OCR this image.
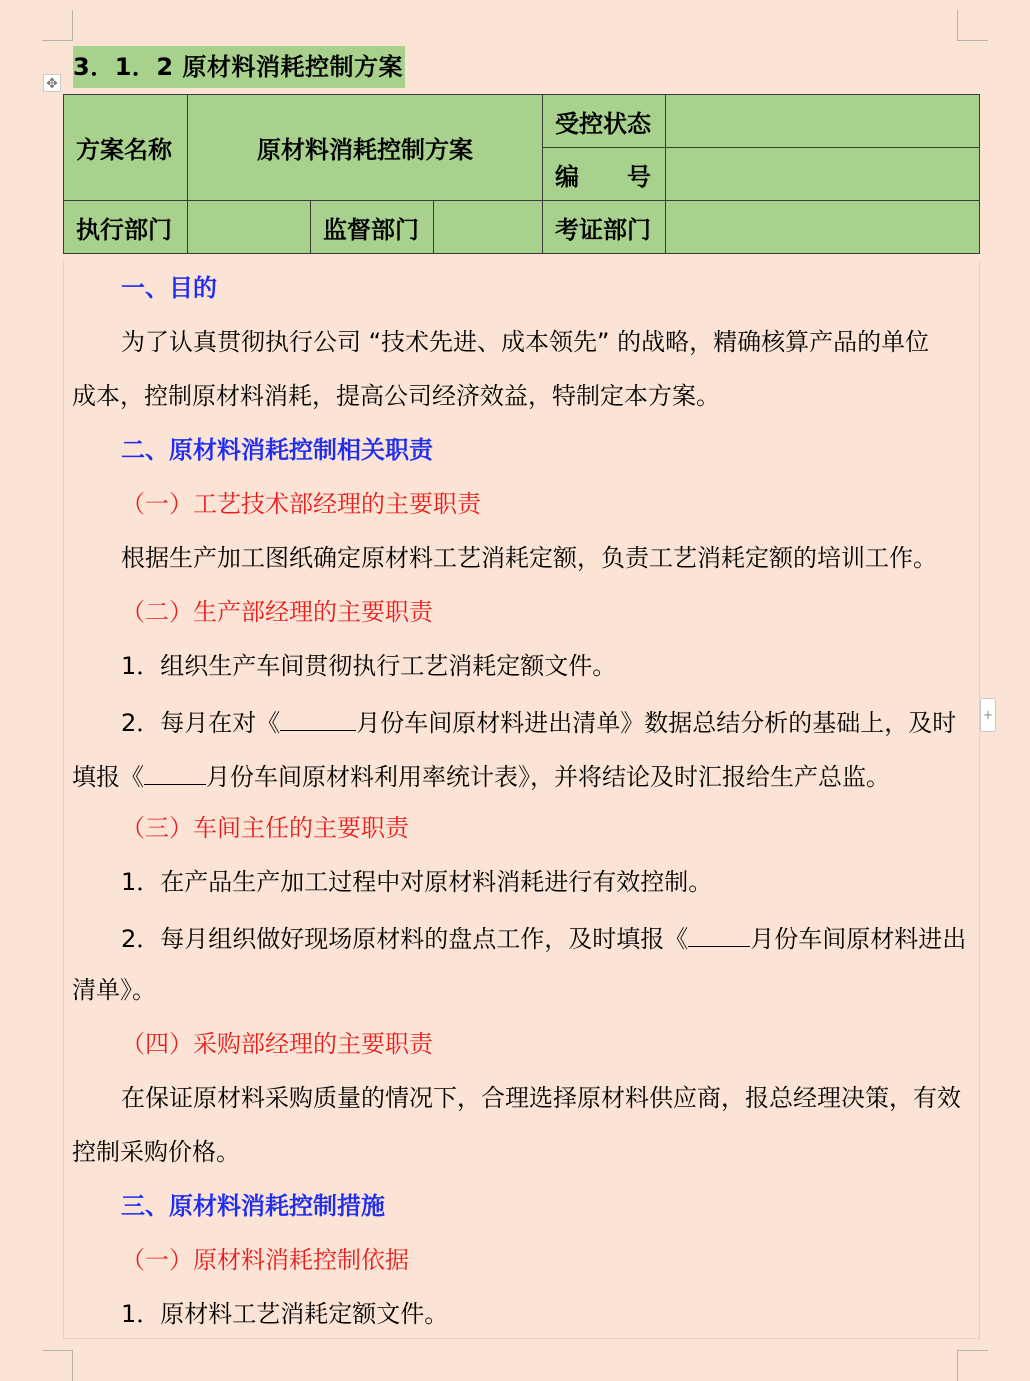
3．1．2 原材料消耗控制方案
✥
方案名称	原材料消耗控制方案			受控状态	
				编　　号	
执行部门		监督部门		考证部门	
一、目的
为了认真贯彻执行公司 “技术先进、成本领先” 的战略，精确核算产品的单位
成本，控制原材料消耗，提高公司经济效益，特制定本方案。
二、原材料消耗控制相关职责
（一）工艺技术部经理的主要职责
根据生产加工图纸确定原材料工艺消耗定额，负责工艺消耗定额的培训工作。
（二）生产部经理的主要职责
1．组织生产车间贯彻执行工艺消耗定额文件。
2．每月在对《	月份车间原材料进出清单》数据总结分析的基础上，及时
填报《	月份车间原材料利用率统计表》，并将结论及时汇报给生产总监。
+
（三）车间主任的主要职责
1．在产品生产加工过程中对原材料消耗进行有效控制。
2．每月组织做好现场原材料的盘点工作，及时填报《	月份车间原材料进出
清单》。
（四）采购部经理的主要职责
在保证原材料采购质量的情况下，合理选择原材料供应商，报总经理决策，有效
控制采购价格。
三、原材料消耗控制措施
（一）原材料消耗控制依据
1．原材料工艺消耗定额文件。
